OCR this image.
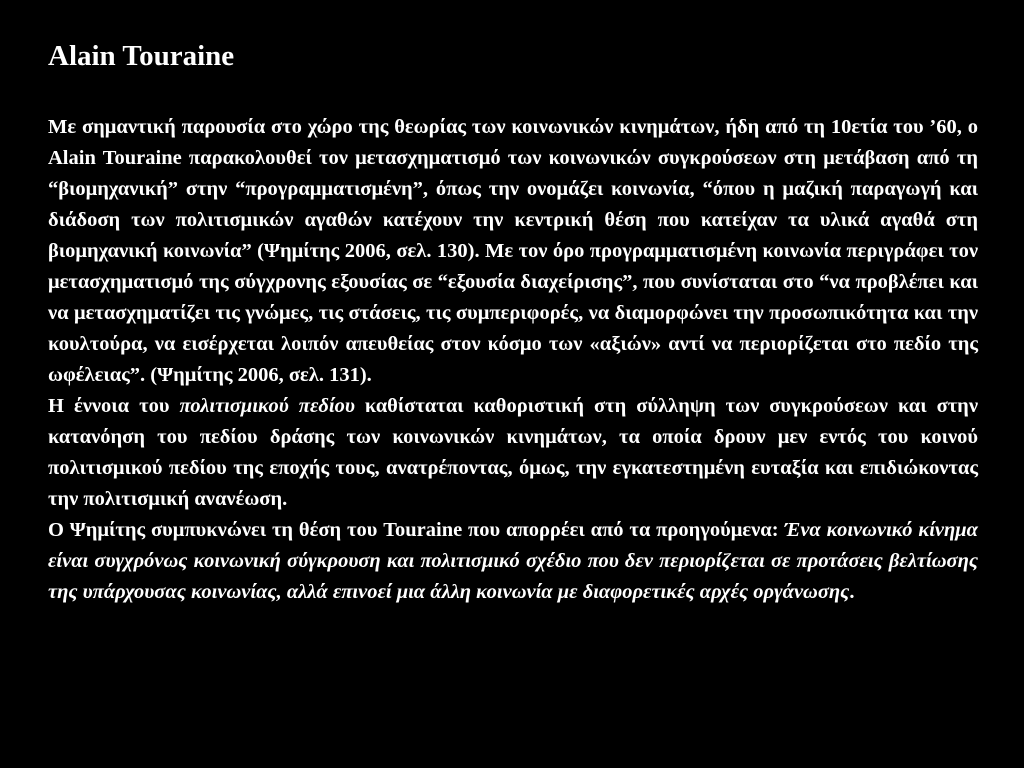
Alain Touraine

Με σημαντική παρουσία στο χώρο της θεωρίας των κοινωνικών κινημάτων, ήδη από τη 10ετία του ’60, ο Alain Touraine παρακολουθεί τον μετασχηματισμό των κοινωνικών συγκρούσεων στη μετάβαση από τη “βιομηχανική” στην “προγραμματισμένη”, όπως την ονομάζει κοινωνία, “όπου η μαζική παραγωγή και διάδοση των πολιτισμικών αγαθών κατέχουν την κεντρική θέση που κατείχαν τα υλικά αγαθά στη βιομηχανική κοινωνία” (Ψημίτης 2006, σελ. 130). Με τον όρο προγραμματισμένη κοινωνία περιγράφει τον μετασχηματισμό της σύγχρονης εξουσίας σε “εξουσία διαχείρισης”, που συνίσταται στο “να προβλέπει και να μετασχηματίζει τις γνώμες, τις στάσεις, τις συμπεριφορές, να διαμορφώνει την προσωπικότητα και την κουλτούρα, να εισέρχεται λοιπόν απευθείας στον κόσμο των «αξιών» αντί να περιορίζεται στο πεδίο της ωφέλειας”. (Ψημίτης 2006, σελ. 131).

Η έννοια του πολιτισμικού πεδίου καθίσταται καθοριστική στη σύλληψη των συγκρούσεων και στην κατανόηση του πεδίου δράσης των κοινωνικών κινημάτων, τα οποία δρουν μεν εντός του κοινού πολιτισμικού πεδίου της εποχής τους, ανατρέποντας, όμως, την εγκατεστημένη ευταξία και επιδιώκοντας την πολιτισμική ανανέωση.

Ο Ψημίτης συμπυκνώνει τη θέση του Touraine που απορρέει από τα προηγούμενα: Ένα κοινωνικό κίνημα είναι συγχρόνως κοινωνική σύγκρουση και πολιτισμικό σχέδιο που δεν περιορίζεται σε προτάσεις βελτίωσης της υπάρχουσας κοινωνίας, αλλά επινοεί μια άλλη κοινωνία με διαφορετικές αρχές οργάνωσης.
